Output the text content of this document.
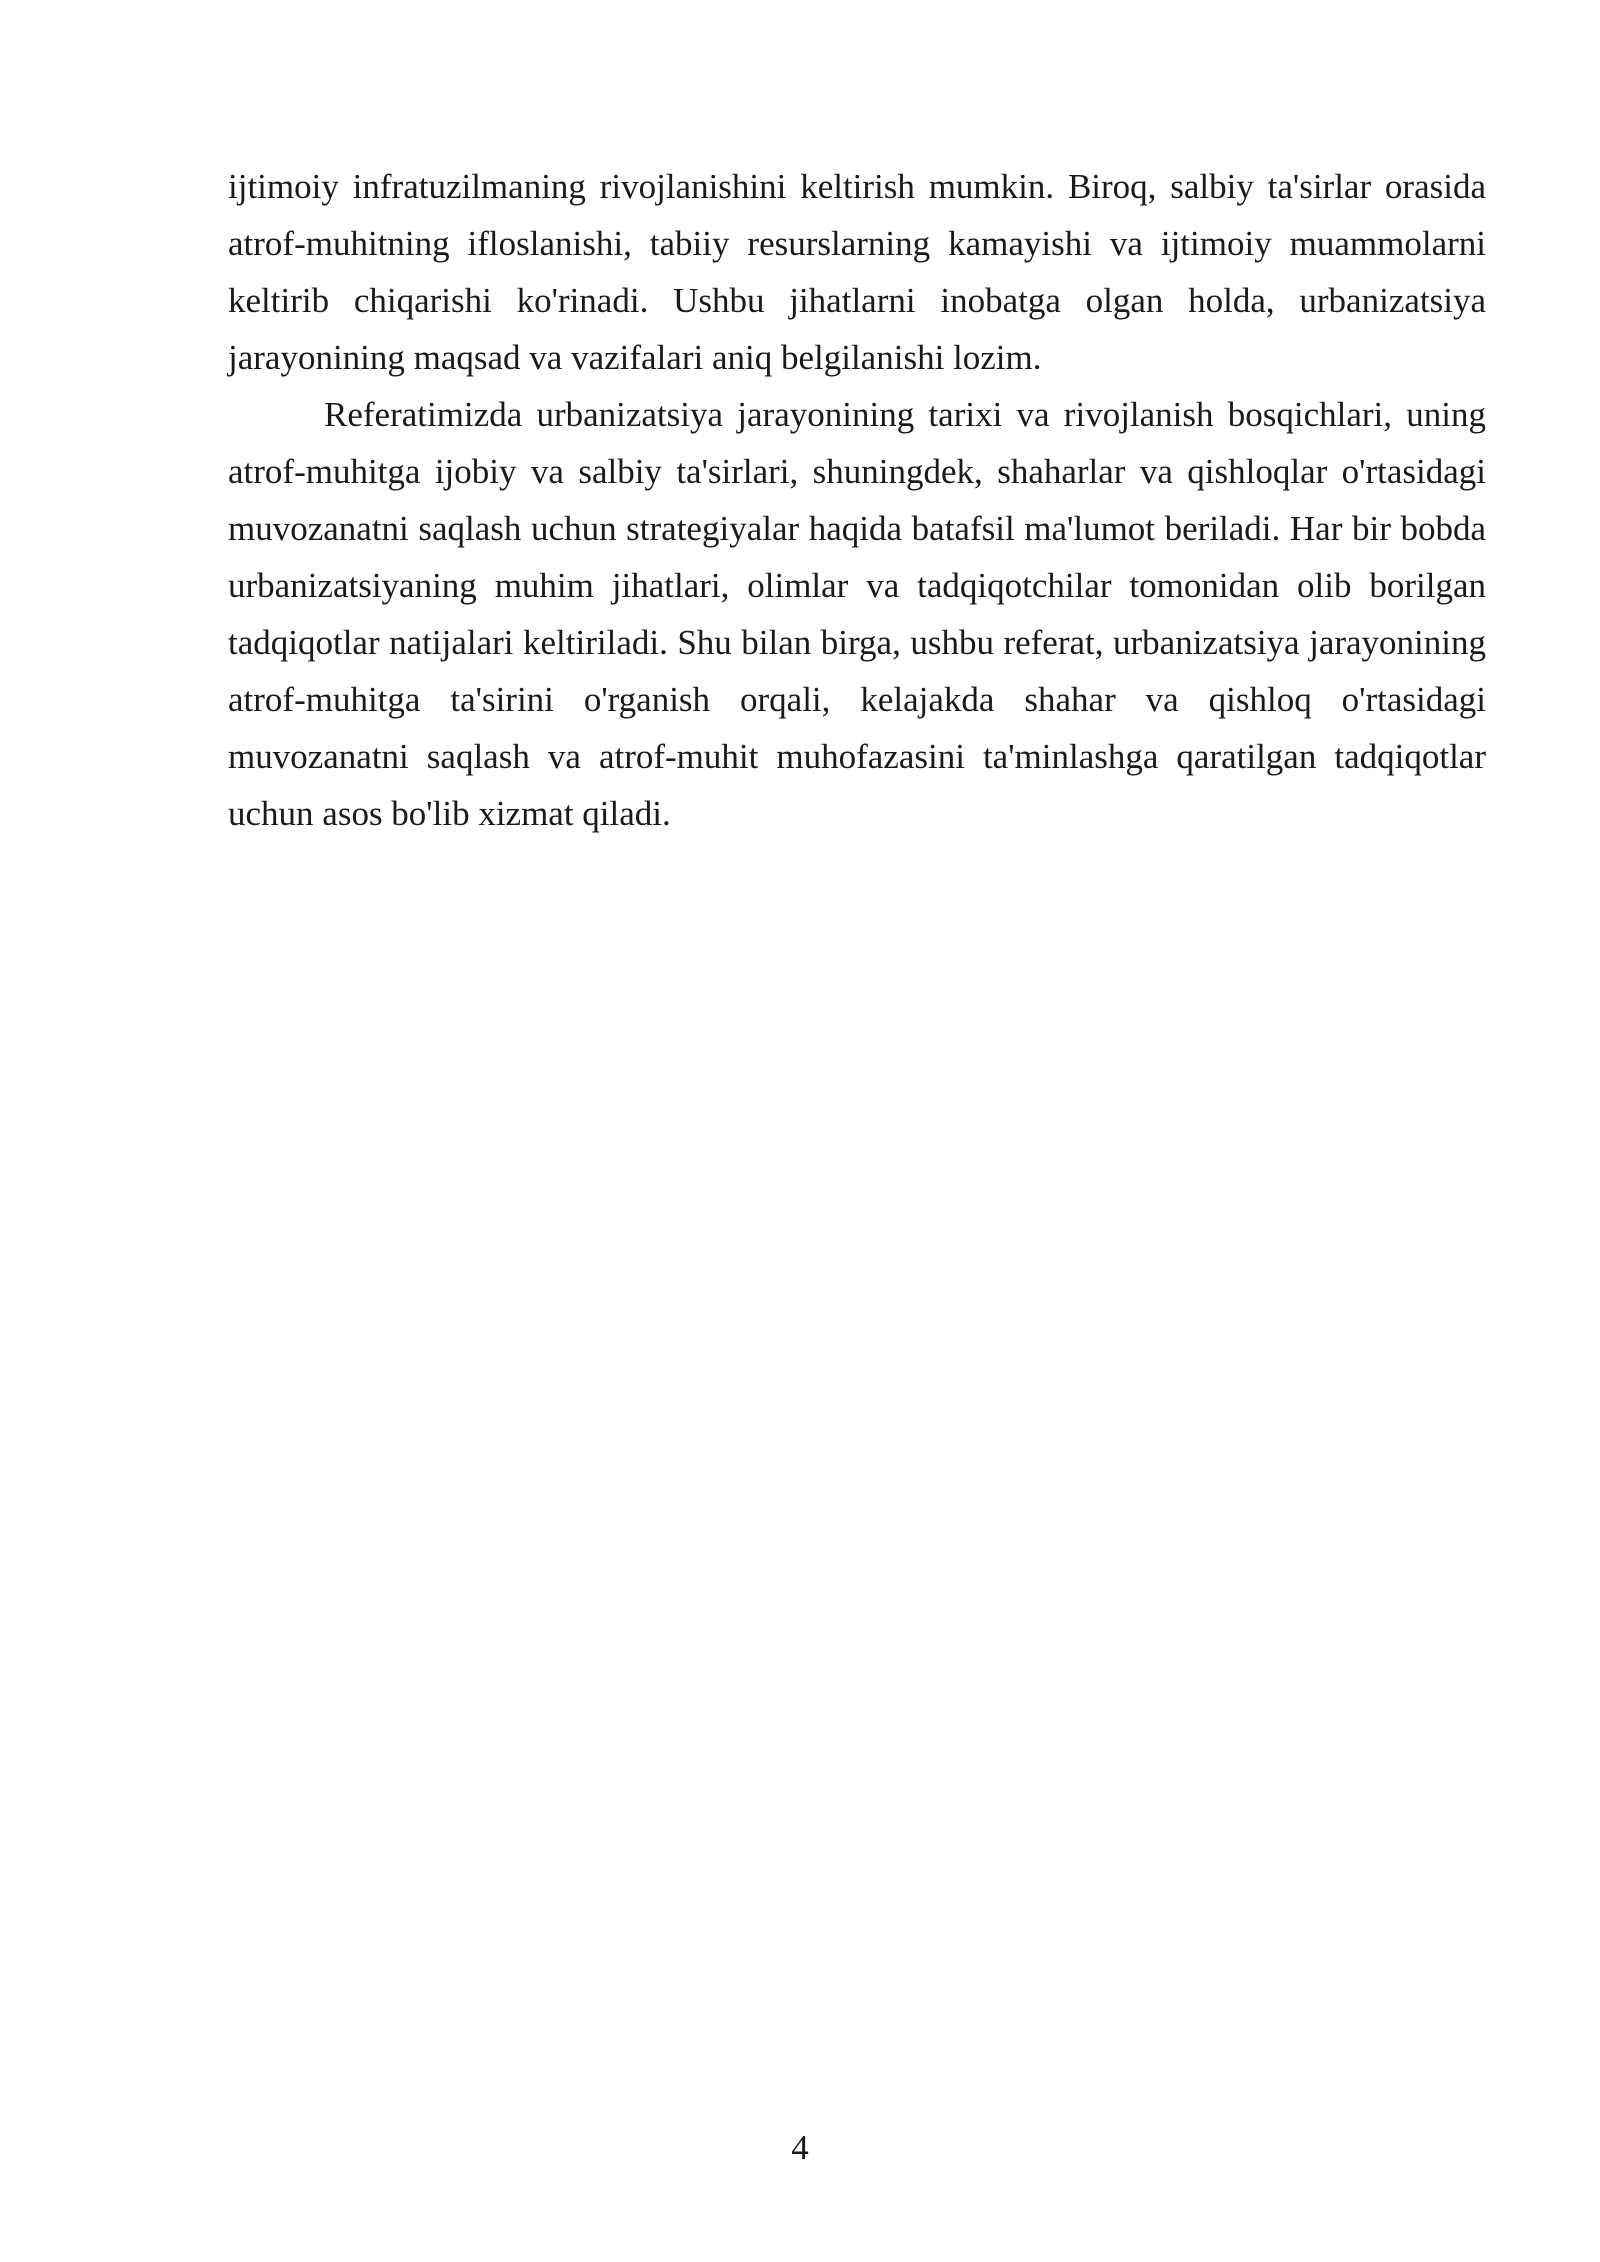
ijtimoiy infratuzilmaning rivojlanishini keltirish mumkin. Biroq, salbiy ta'sirlar orasida atrof-muhitning ifloslanishi, tabiiy resurslarning kamayishi va ijtimoiy muammolarni keltirib chiqarishi ko'rinadi. Ushbu jihatlarni inobatga olgan holda, urbanizatsiya jarayonining maqsad va vazifalari aniq belgilanishi lozim.

Referatimizda urbanizatsiya jarayonining tarixi va rivojlanish bosqichlari, uning atrof-muhitga ijobiy va salbiy ta'sirlari, shuningdek, shaharlar va qishloqlar o'rtasidagi muvozanatni saqlash uchun strategiyalar haqida batafsil ma'lumot beriladi. Har bir bobda urbanizatsiyaning muhim jihatlari, olimlar va tadqiqotchilar tomonidan olib borilgan tadqiqotlar natijalari keltiriladi. Shu bilan birga, ushbu referat, urbanizatsiya jarayonining atrof-muhitga ta'sirini o'rganish orqali, kelajakda shahar va qishloq o'rtasidagi muvozanatni saqlash va atrof-muhit muhofazasini ta'minlashga qaratilgan tadqiqotlar uchun asos bo'lib xizmat qiladi.

4
